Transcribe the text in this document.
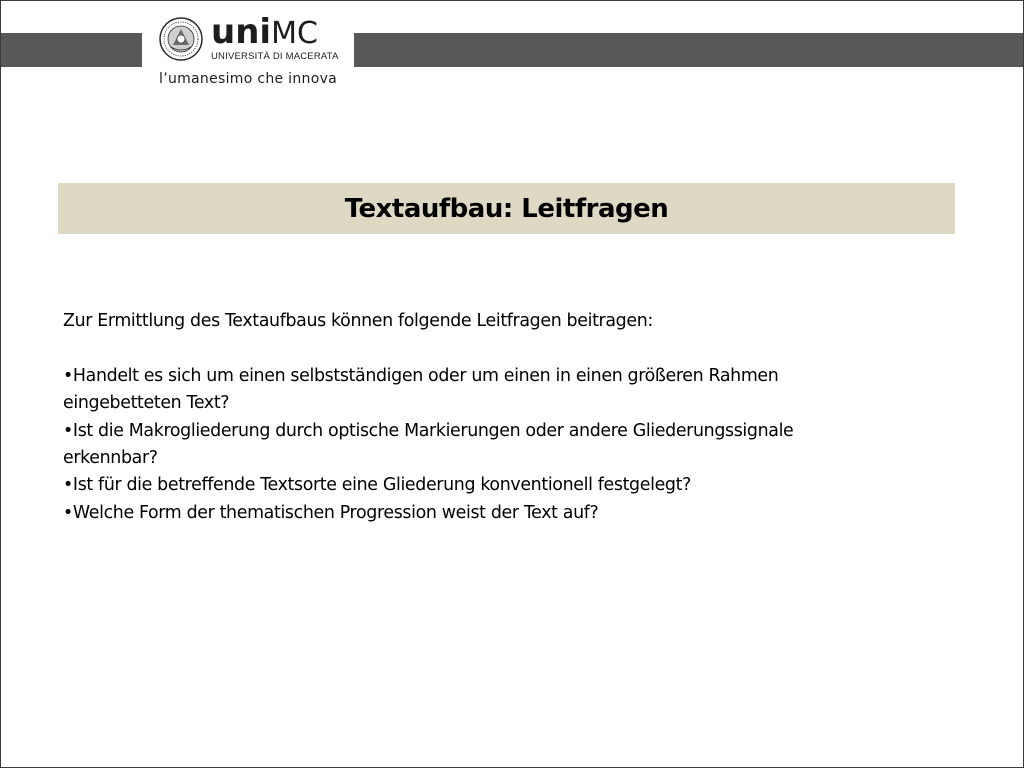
uniMC
UNIVERSITÀ DI MACERATA
l’umanesimo che innova
Textaufbau: Leitfragen

Zur Ermittlung des Textaufbaus können folgende Leitfragen beitragen:

• Handelt es sich um einen selbstständigen oder um einen in einen größeren Rahmen eingebetteten Text?
• Ist die Makrogliederung durch optische Markierungen oder andere Gliederungssignale erkennbar?
• Ist für die betreffende Textsorte eine Gliederung konventionell festgelegt?
• Welche Form der thematischen Progression weist der Text auf?
